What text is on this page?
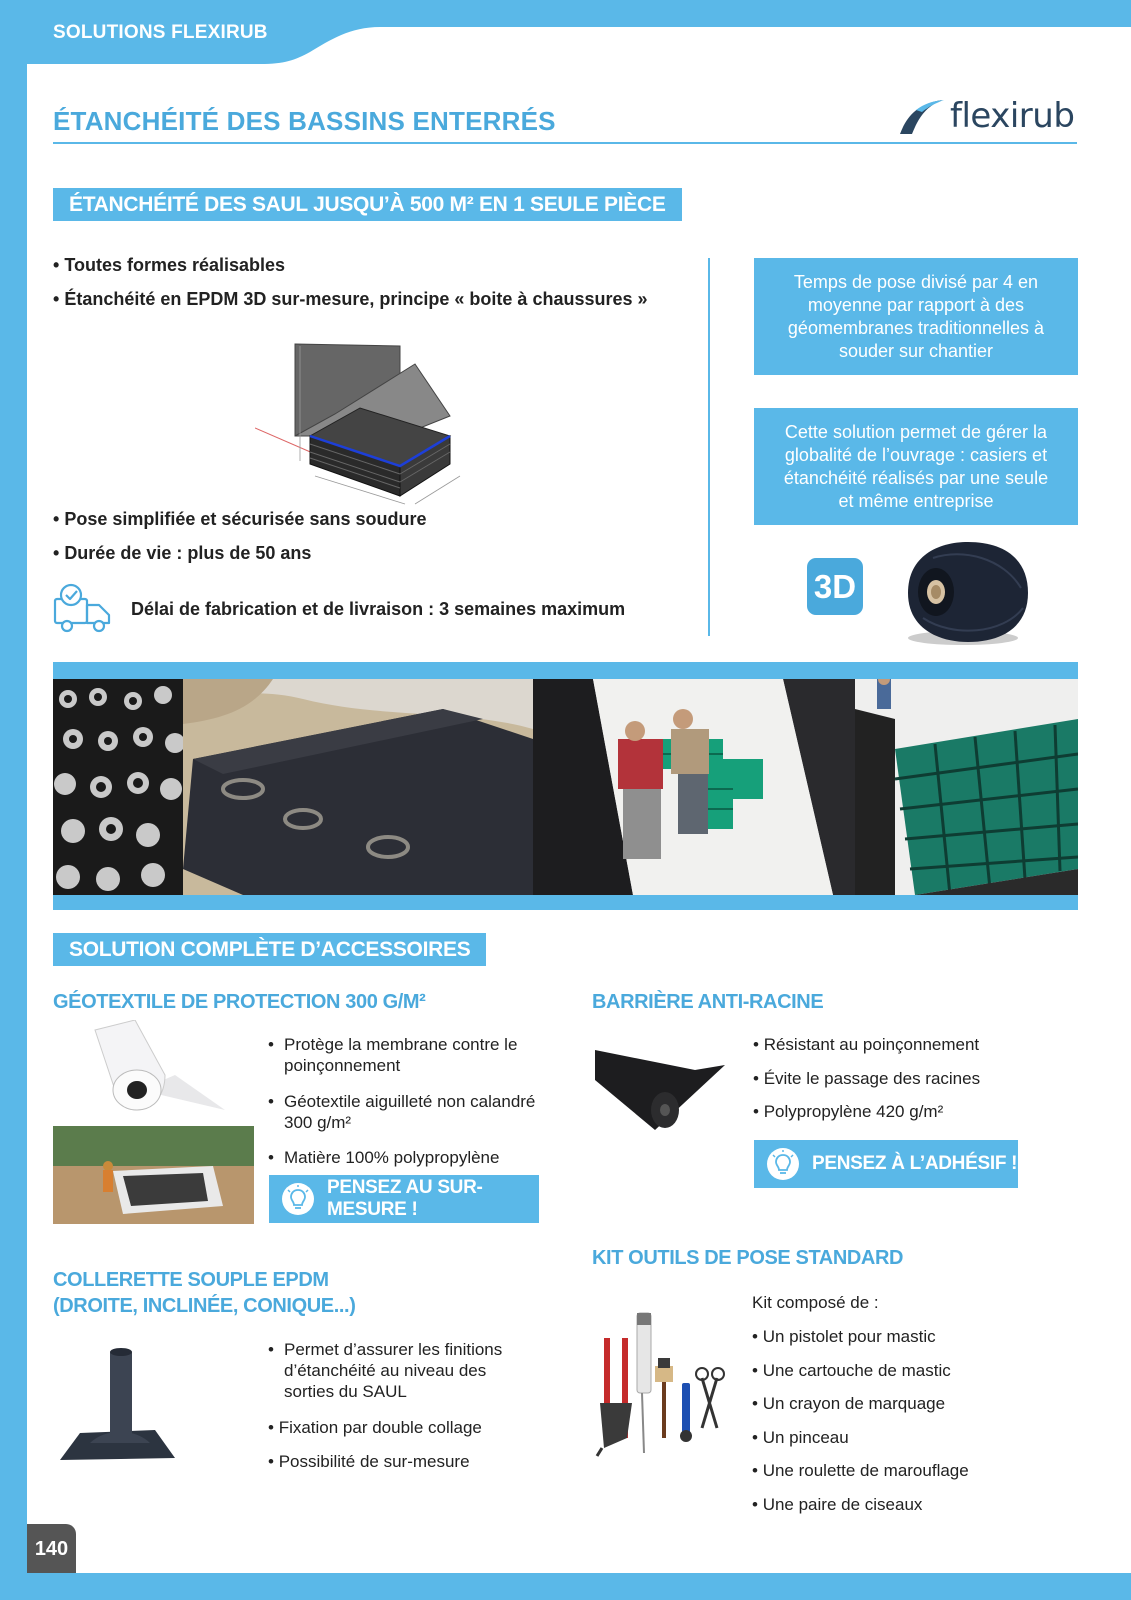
SOLUTIONS FLEXIRUB
ÉTANCHÉITÉ DES BASSINS ENTERRÉS	flexirub
ÉTANCHÉITÉ DES SAUL JUSQU’À 500 M² EN 1 SEULE PIÈCE
• Toutes formes réalisables
• Étanchéité en EPDM 3D sur-mesure, principe « boite à chaussures »
• Pose simplifiée et sécurisée sans soudure
• Durée de vie : plus de 50 ans
Délai de fabrication et de livraison : 3 semaines maximum
Temps de pose divisé par 4 en moyenne par rapport à des géomembranes traditionnelles à souder sur chantier
Cette solution permet de gérer la globalité de l’ouvrage : casiers et étanchéité réalisés par une seule et même entreprise
3D
SOLUTION COMPLÈTE D’ACCESSOIRES
GÉOTEXTILE DE PROTECTION 300 G/M²
• Protège la membrane contre le poinçonnement
• Géotextile aiguilleté non calandré 300 g/m²
• Matière 100% polypropylène
PENSEZ AU SUR-MESURE !
BARRIÈRE ANTI-RACINE
• Résistant au poinçonnement
• Évite le passage des racines
• Polypropylène 420 g/m²
PENSEZ À L’ADHÉSIF !
COLLERETTE SOUPLE EPDM
(DROITE, INCLINÉE, CONIQUE...)
• Permet d’assurer les finitions d’étanchéité au niveau des sorties du SAUL
• Fixation par double collage
• Possibilité de sur-mesure
KIT OUTILS DE POSE STANDARD
Kit composé de :
• Un pistolet pour mastic
• Une cartouche de mastic
• Un crayon de marquage
• Un pinceau
• Une roulette de marouflage
• Une paire de ciseaux
140
